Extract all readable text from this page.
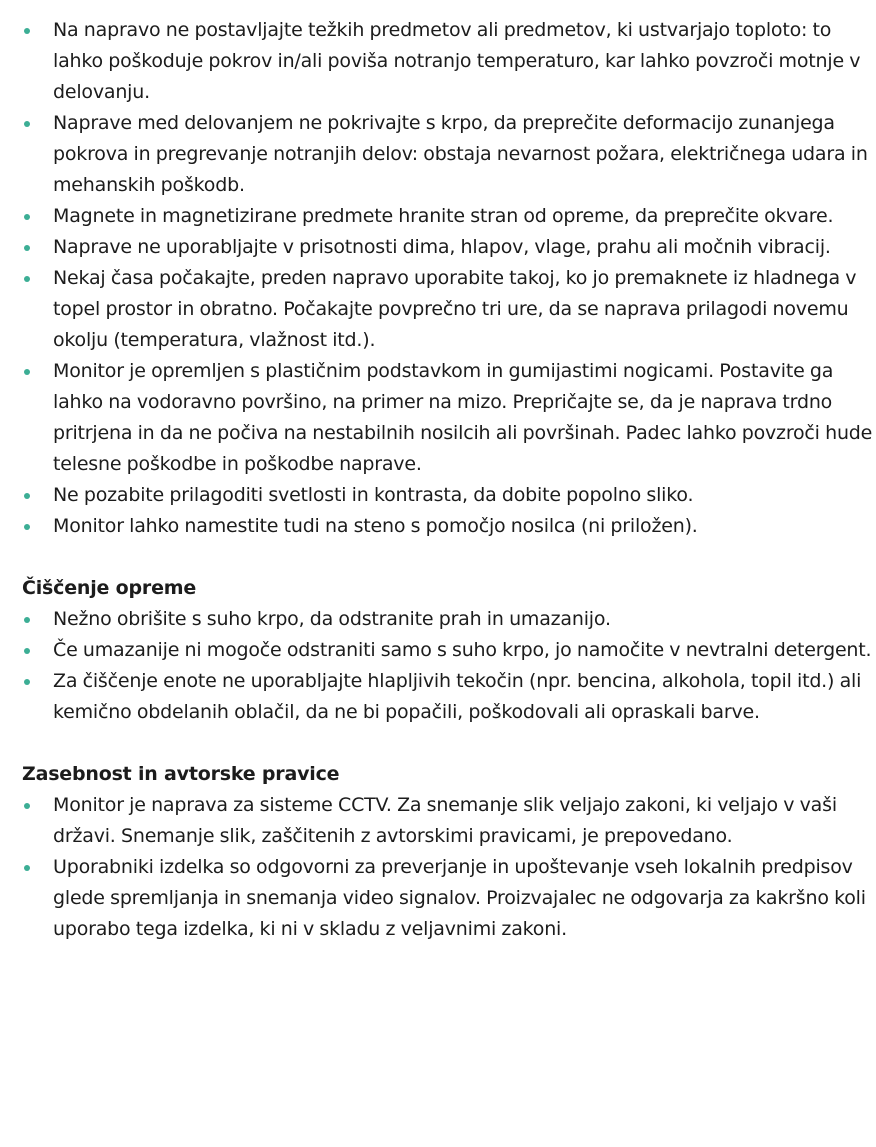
Na napravo ne postavljajte težkih predmetov ali predmetov, ki ustvarjajo toploto: to lahko poškoduje pokrov in/ali poviša notranjo temperaturo, kar lahko povzroči motnje v delovanju.
Naprave med delovanjem ne pokrivajte s krpo, da preprečite deformacijo zunanjega pokrova in pregrevanje notranjih delov: obstaja nevarnost požara, električnega udara in mehanskih poškodb.
Magnete in magnetizirane predmete hranite stran od opreme, da preprečite okvare.
Naprave ne uporabljajte v prisotnosti dima, hlapov, vlage, prahu ali močnih vibracij.
Nekaj časa počakajte, preden napravo uporabite takoj, ko jo premaknete iz hladnega v topel prostor in obratno. Počakajte povprečno tri ure, da se naprava prilagodi novemu okolju (temperatura, vlažnost itd.).
Monitor je opremljen s plastičnim podstavkom in gumijastimi nogicami. Postavite ga lahko na vodoravno površino, na primer na mizo. Prepričajte se, da je naprava trdno pritrjena in da ne počiva na nestabilnih nosilcih ali površinah. Padec lahko povzroči hude telesne poškodbe in poškodbe naprave.
Ne pozabite prilagoditi svetlosti in kontrasta, da dobite popolno sliko.
Monitor lahko namestite tudi na steno s pomočjo nosilca (ni priložen).
Čiščenje opreme
Nežno obrišite s suho krpo, da odstranite prah in umazanijo.
Če umazanije ni mogoče odstraniti samo s suho krpo, jo namočite v nevtralni detergent.
Za čiščenje enote ne uporabljajte hlapljivih tekočin (npr. bencina, alkohola, topil itd.) ali kemično obdelanih oblačil, da ne bi popačili, poškodovali ali opraskali barve.
Zasebnost in avtorske pravice
Monitor je naprava za sisteme CCTV. Za snemanje slik veljajo zakoni, ki veljajo v vaši državi. Snemanje slik, zaščitenih z avtorskimi pravicami, je prepovedano.
Uporabniki izdelka so odgovorni za preverjanje in upoštevanje vseh lokalnih predpisov glede spremljanja in snemanja video signalov. Proizvajalec ne odgovarja za kakršno koli uporabo tega izdelka, ki ni v skladu z veljavnimi zakoni.
